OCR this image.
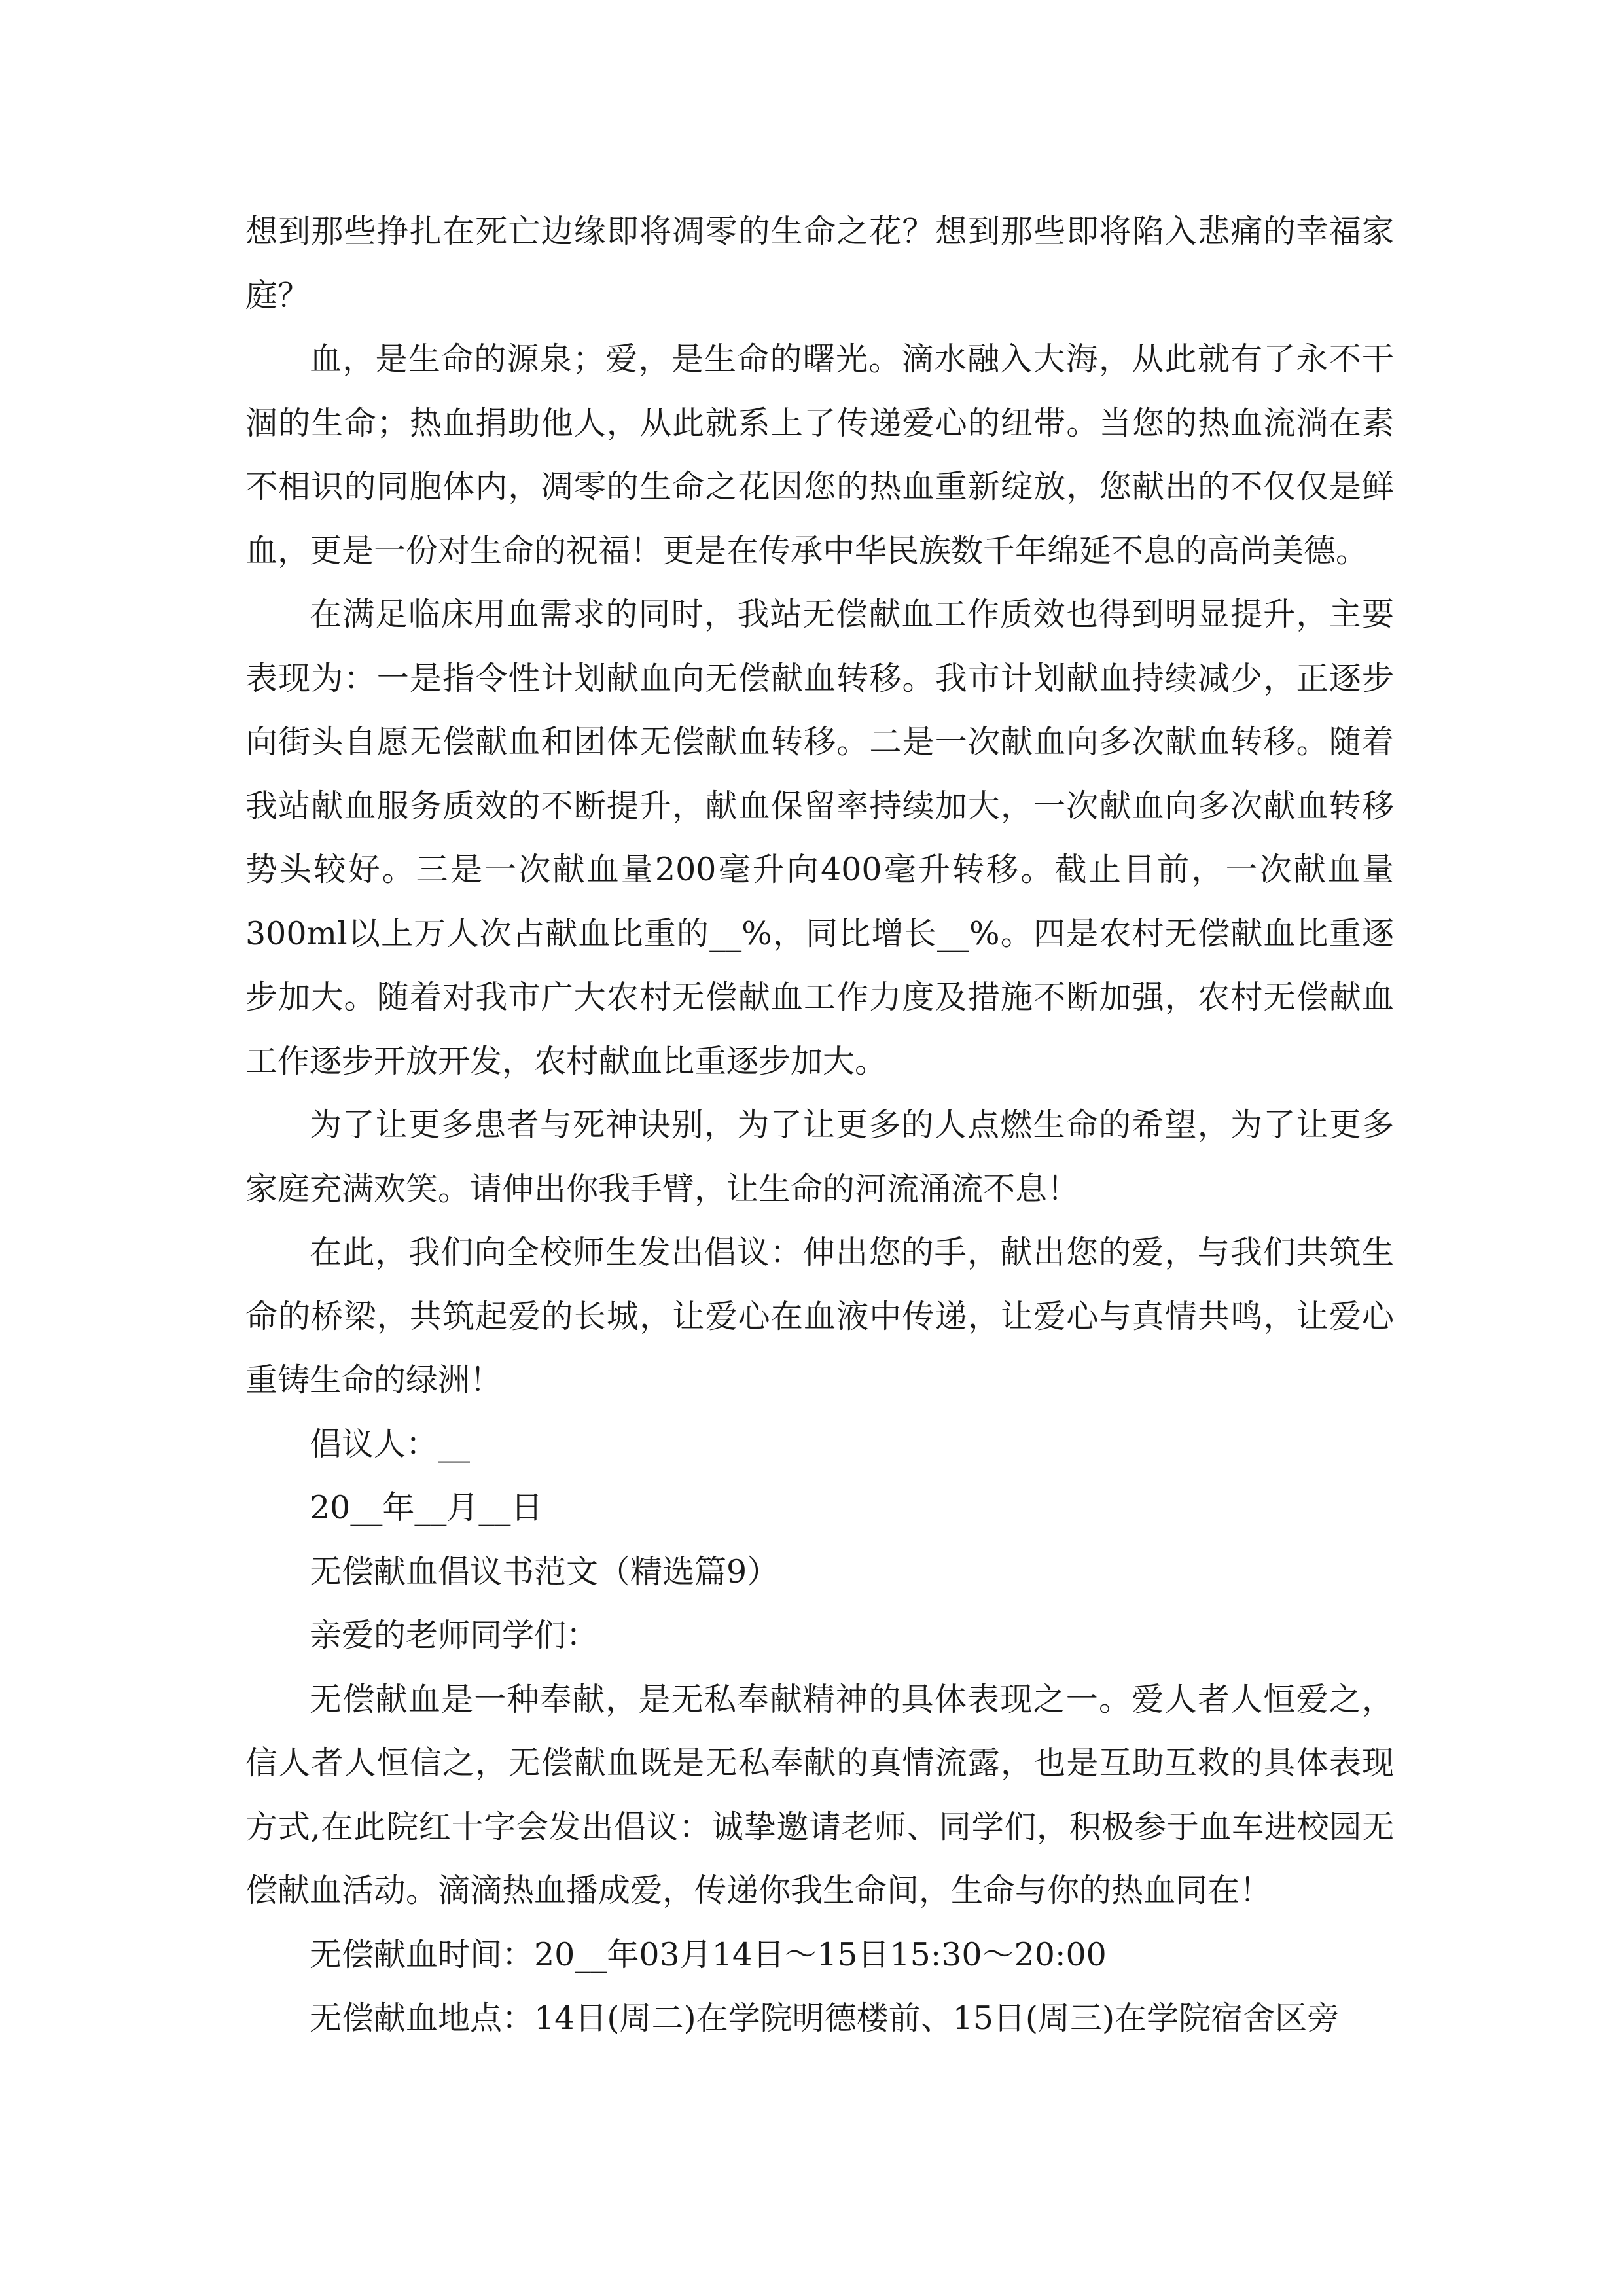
想到那些挣扎在死亡边缘即将凋零的生命之花？想到那些即将陷入悲痛的幸福家庭？

血，是生命的源泉；爱，是生命的曙光。滴水融入大海，从此就有了永不干涸的生命；热血捐助他人，从此就系上了传递爱心的纽带。当您的热血流淌在素不相识的同胞体内，凋零的生命之花因您的热血重新绽放，您献出的不仅仅是鲜血，更是一份对生命的祝福！更是在传承中华民族数千年绵延不息的高尚美德。

在满足临床用血需求的同时，我站无偿献血工作质效也得到明显提升，主要表现为：一是指令性计划献血向无偿献血转移。我市计划献血持续减少，正逐步向街头自愿无偿献血和团体无偿献血转移。二是一次献血向多次献血转移。随着我站献血服务质效的不断提升，献血保留率持续加大，一次献血向多次献血转移势头较好。三是一次献血量200毫升向400毫升转移。截止目前，一次献血量300ml以上万人次占献血比重的__%，同比增长__%。四是农村无偿献血比重逐步加大。随着对我市广大农村无偿献血工作力度及措施不断加强，农村无偿献血工作逐步开放开发，农村献血比重逐步加大。

为了让更多患者与死神诀别，为了让更多的人点燃生命的希望，为了让更多家庭充满欢笑。请伸出你我手臂，让生命的河流涌流不息！

在此，我们向全校师生发出倡议：伸出您的手，献出您的爱，与我们共筑生命的桥梁，共筑起爱的长城，让爱心在血液中传递，让爱心与真情共鸣，让爱心重铸生命的绿洲！

倡议人：__

20__年__月__日

无偿献血倡议书范文（精选篇9）

亲爱的老师同学们：

无偿献血是一种奉献，是无私奉献精神的具体表现之一。爱人者人恒爱之，信人者人恒信之，无偿献血既是无私奉献的真情流露，也是互助互救的具体表现方式,在此院红十字会发出倡议：诚挚邀请老师、同学们，积极参于血车进校园无偿献血活动。滴滴热血播成爱，传递你我生命间，生命与你的热血同在！

无偿献血时间：20__年03月14日～15日15:30～20:00

无偿献血地点：14日(周二)在学院明德楼前、15日(周三)在学院宿舍区旁
